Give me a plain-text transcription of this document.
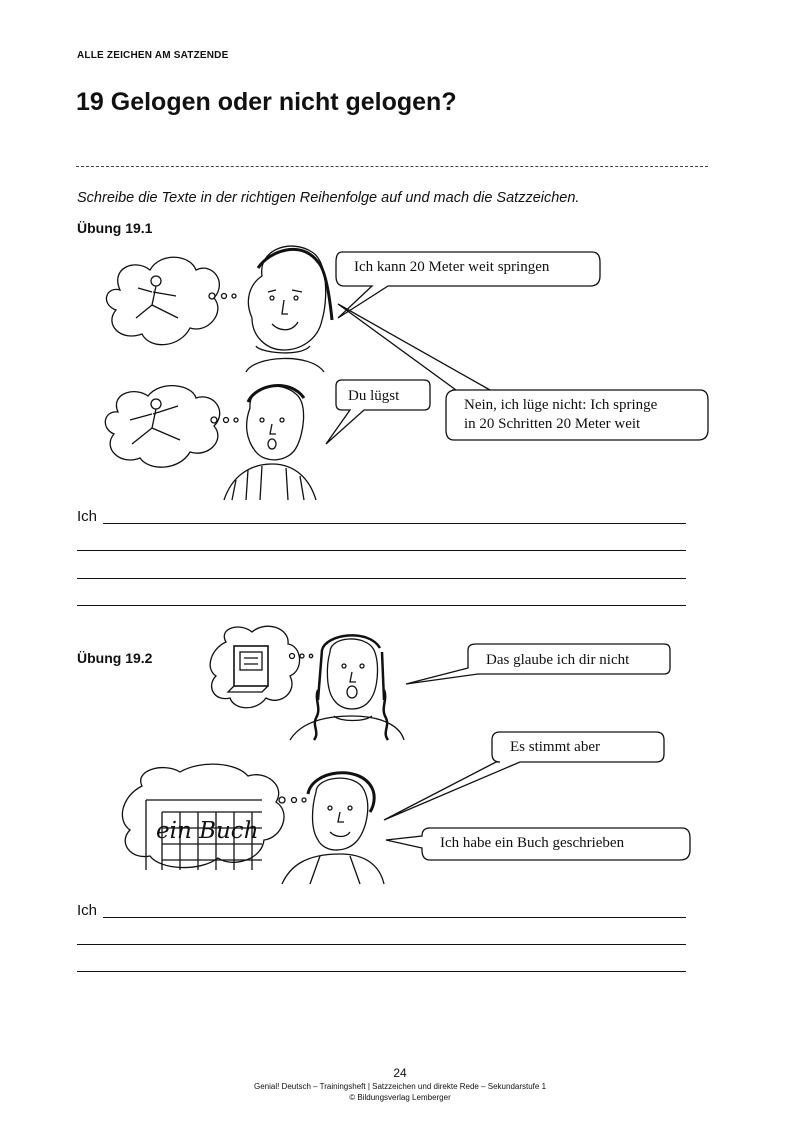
ALLE ZEICHEN AM SATZENDE
19 Gelogen oder nicht gelogen?
Schreibe die Texte in der richtigen Reihenfolge auf und mach die Satzzeichen.
Übung 19.1
ein Buch
Ich kann 20 Meter weit springen
Du lügst
Nein, ich lüge nicht: Ich springe
in 20 Schritten 20 Meter weit
Ich
Übung 19.2	Das glaube ich dir nicht
Es stimmt aber
Ich habe ein Buch geschrieben
Ich
24
Genial! Deutsch – Trainingsheft | Satzzeichen und direkte Rede – Sekundarstufe 1
© Bildungsverlag Lemberger
